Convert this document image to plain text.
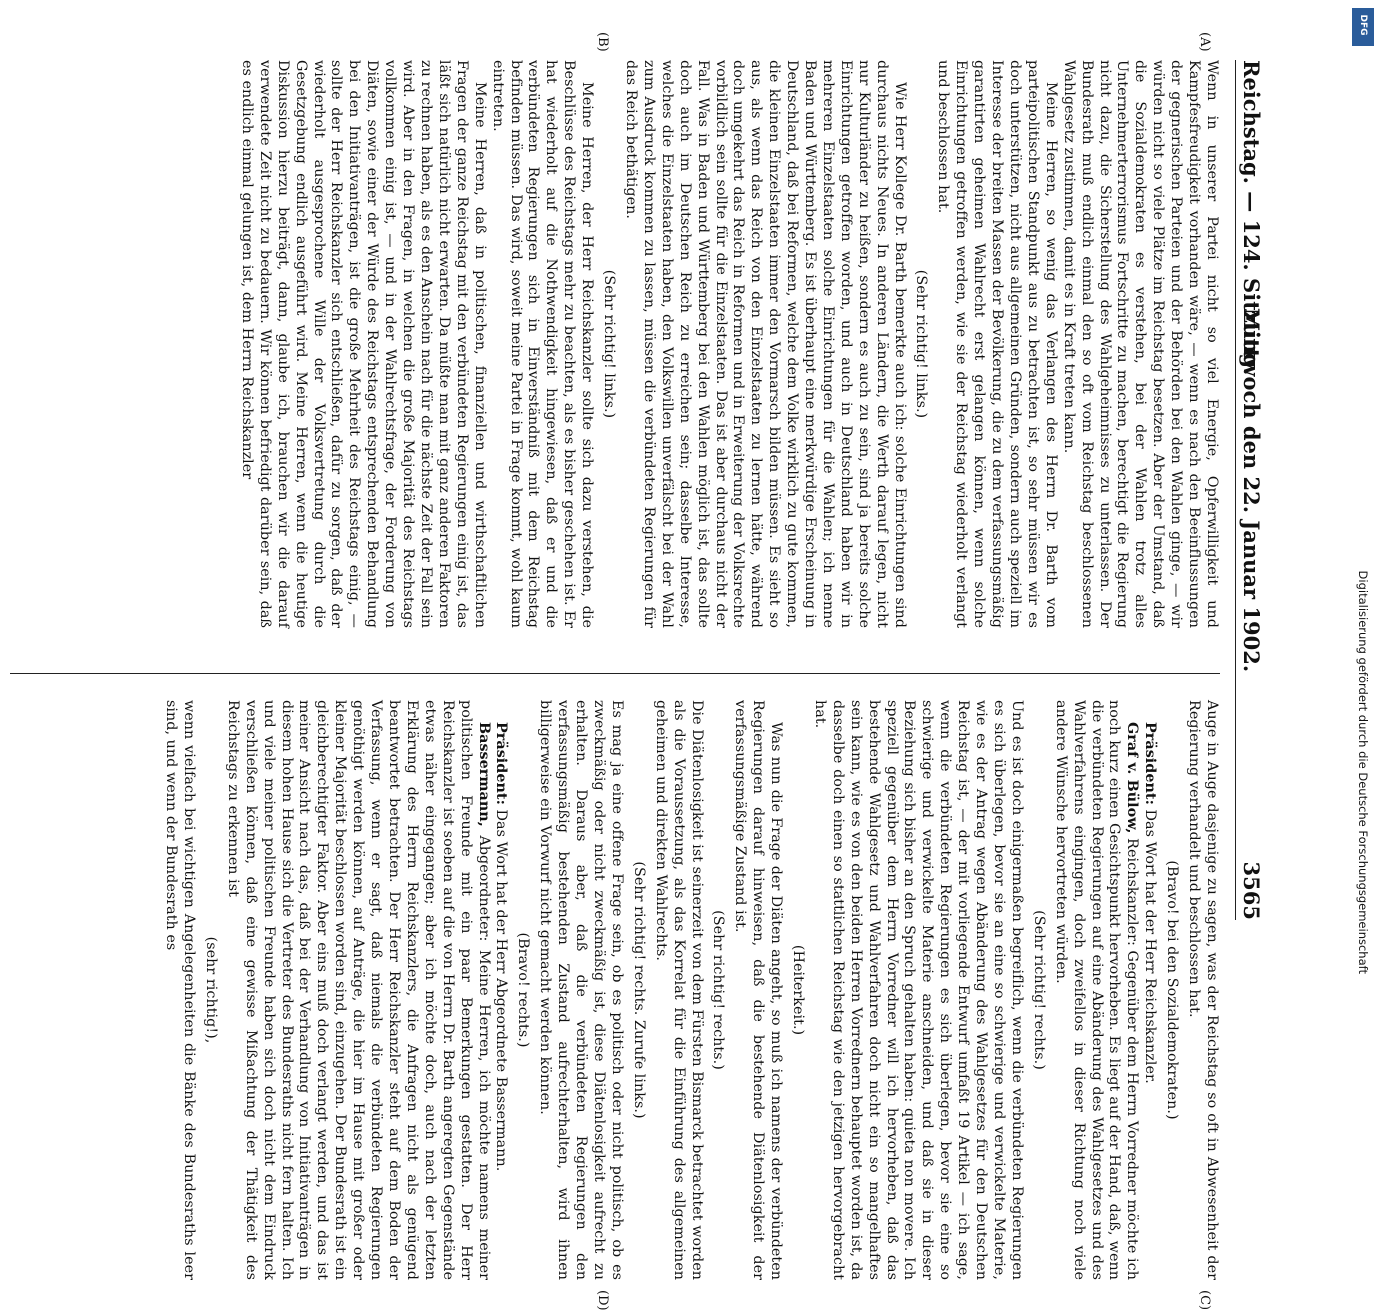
Reichstag. — 124. Sitzung.
Mittwoch den 22. Januar 1902.
3565
(A)
(B)
(C)
(D)

Wenn in unserer Partei nicht so viel Energie, Opferwilligkeit und Kampfesfreudigkeit vorhanden wäre, — wenn es nach den Beeinflussungen der gegnerischen Parteien und der Behörden bei den Wahlen ginge, — wir würden nicht so viele Plätze im Reichstag besetzen. Aber der Umstand, daß die Sozialdemokraten es verstehen, bei der Wahlen trotz alles Unternehmerterrorismus Fortschritte zu machen, berechtigt die Regierung nicht dazu, die Sicherstellung des Wahlgeheimnisses zu unterlassen. Der Bundesrath muß endlich einmal den so oft vom Reichstag beschlossenen Wahlgesetz zustimmen, damit es in Kraft treten kann.

Meine Herren, so wenig das Verlangen des Herrn Dr. Barth vom parteipolitischen Standpunkt aus zu betrachten ist, so sehr müssen wir es doch unterstützen, nicht aus allgemeinen Gründen, sondern auch speziell im Interesse der breiten Massen der Bevölkerung, die zu dem verfassungsmäßig garantirten geheimen Wahlrecht erst gelangen können, wenn solche Einrichtungen getroffen werden, wie sie der Reichstag wiederholt verlangt und beschlossen hat.

(Sehr richtig! links.)

Wie Herr Kollege Dr. Barth bemerkte auch ich: solche Einrichtungen sind durchaus nichts Neues. In anderen Ländern, die Werth darauf legen, nicht nur Kulturländer zu heißen, sondern es auch zu sein, sind ja bereits solche Einrichtungen getroffen worden, und auch in Deutschland haben wir in mehreren Einzelstaaten solche Einrichtungen für die Wahlen; ich nenne Baden und Württemberg. Es ist überhaupt eine merkwürdige Erscheinung in Deutschland, daß bei Reformen, welche dem Volke wirklich zu gute kommen, die kleinen Einzelstaaten immer den Vormarsch bilden müssen. Es sieht so aus, als wenn das Reich von den Einzelstaaten zu lernen hätte, während doch umgekehrt das Reich in Reformen und in Erweiterung der Volksrechte vorbildlich sein sollte für die Einzelstaaten. Das ist aber durchaus nicht der Fall. Was in Baden und Württemberg bei den Wahlen möglich ist, das sollte doch auch im Deutschen Reich zu erreichen sein; dasselbe Interesse, welches die Einzelstaaten haben, den Volkswillen unverfälscht bei der Wahl zum Ausdruck kommen zu lassen, müssen die verbündeten Regierungen für das Reich bethätigen.

(Sehr richtig! links.)

Meine Herren, der Herr Reichskanzler sollte sich dazu verstehen, die Beschlüsse des Reichstags mehr zu beachten, als es bisher geschehen ist. Er hat wiederholt auf die Nothwendigkeit hingewiesen, daß er und die verbündeten Regierungen sich in Einverständniß mit dem Reichstag befinden müssen. Das wird, soweit meine Partei in Frage kommt, wohl kaum eintreten.

Meine Herren, daß in politischen, finanziellen und wirthschaftlichen Fragen der ganze Reichstag mit den verbündeten Regierungen einig ist, das läßt sich natürlich nicht erwarten. Da müßte man mit ganz anderen Faktoren zu rechnen haben, als es den Anschein nach für die nächste Zeit der Fall sein wird. Aber in den Fragen, in welchen die große Majorität des Reichstags vollkommen einig ist, — und in der Wahlrechtsfrage, der Forderung von Diäten, sowie einer der Würde des Reichstags entsprechenden Behandlung bei den Initiativanträgen, ist die große Mehrheit des Reichstags einig, — sollte der Herr Reichskanzler sich entschließen, dafür zu sorgen, daß der wiederholt ausgesprochene Wille der Volksvertretung durch die Gesetzgebung endlich ausgeführt wird. Meine Herren, wenn die heutige Diskussion hierzu beiträgt, dann, glaube ich, brauchen wir die darauf verwendete Zeit nicht zu bedauern. Wir können befriedigt darüber sein, daß es endlich einmal gelungen ist, dem Herrn Reichskanzler

Auge in Auge dasjenige zu sagen, was der Reichstag so oft in Abwesenheit der Regierung verhandelt und beschlossen hat.

(Bravo! bei den Sozialdemokraten.)

Präsident: Das Wort hat der Herr Reichskanzler.

Graf v. Bülow, Reichskanzler: Gegenüber dem Herrn Vorredner möchte ich noch kurz einen Gesichtspunkt hervorheben. Es liegt auf der Hand, daß, wenn die verbündeten Regierungen auf eine Abänderung des Wahlgesetzes und des Wahlverfahrens eingingen, doch zweifellos in dieser Richtung noch viele andere Wünsche hervortreten würden.

(Sehr richtig! rechts.)

Und es ist doch einigermaßen begreiflich, wenn die verbündeten Regierungen es sich überlegen, bevor sie an eine so schwierige und verwickelte Materie, wie es der Antrag wegen Abänderung des Wahlgesetzes für den Deutschen Reichstag ist, — der mit vorliegende Entwurf umfaßt 19 Artikel — ich sage, wenn die verbündeten Regierungen es sich überlegen, bevor sie eine so schwierige und verwickelte Materie anschneiden, und daß sie in dieser Beziehung sich bisher an den Spruch gehalten haben: quieta non movere. Ich speziell gegenüber dem Herrn Vorredner will ich hervorheben, daß das bestehende Wahlgesetz und Wahlverfahren doch nicht ein so mangelhaftes sein kann, wie es von den beiden Herren Vorrednern behauptet worden ist, da dasselbe doch einen so stattlichen Reichstag wie den jetzigen hervorgebracht hat.

(Heiterkeit.)

Was nun die Frage der Diäten angeht, so muß ich namens der verbündeten Regierungen darauf hinweisen, daß die bestehende Diätenlosigkeit der verfassungsmäßige Zustand ist.

(Sehr richtig! rechts.)

Die Diätenlosigkeit ist seinerzeit von dem Fürsten Bismarck betrachtet worden als die Voraussetzung, als das Korrelat für die Einführung des allgemeinen geheimen und direkten Wahlrechts.

(Sehr richtig! rechts. Zurufe links.)

Es mag ja eine offene Frage sein, ob es politisch oder nicht politisch, ob es zweckmäßig oder nicht zweckmäßig ist, diese Diätenlosigkeit aufrecht zu erhalten. Daraus aber, daß die verbündeten Regierungen den verfassungsmäßig bestehenden Zustand aufrechterhalten, wird ihnen billigerweise ein Vorwurf nicht gemacht werden können.

(Bravo! rechts.)

Präsident: Das Wort hat der Herr Abgeordnete Bassermann.

Bassermann, Abgeordneter: Meine Herren, ich möchte namens meiner politischen Freunde mit ein paar Bemerkungen gestatten. Der Herr Reichskanzler ist soeben auf die von Herrn Dr. Barth angeregten Gegenstände etwas näher eingegangen; aber ich möchte doch, auch nach der letzten Erklärung des Herrn Reichskanzlers, die Anfragen nicht als genügend beantwortet betrachten. Der Herr Reichskanzler steht auf dem Boden der Verfassung, wenn er sagt, daß niemals die verbündeten Regierungen genöthigt werden können, auf Anträge, die hier im Hause mit großer oder kleiner Majorität beschlossen worden sind, einzugehen. Der Bundesrath ist ein gleichberechtigter Faktor. Aber eins muß doch verlangt werden, und das ist meiner Ansicht nach das, daß bei der Verhandlung von Initiativanträgen in diesem hohen Hause sich die Vertreter des Bundesraths nicht fern halten. Ich und viele meiner politischen Freunde haben sich doch nicht dem Eindruck verschließen können, daß eine gewisse Mißachtung der Thätigkeit des Reichstags zu erkennen ist

(sehr richtig!),

wenn vielfach bei wichtigen Angelegenheiten die Bänke des Bundesraths leer sind, und wenn der Bundesrath es	Digitalisierung gefördert durch die Deutsche Forschungsgemeinschaft
DFG
